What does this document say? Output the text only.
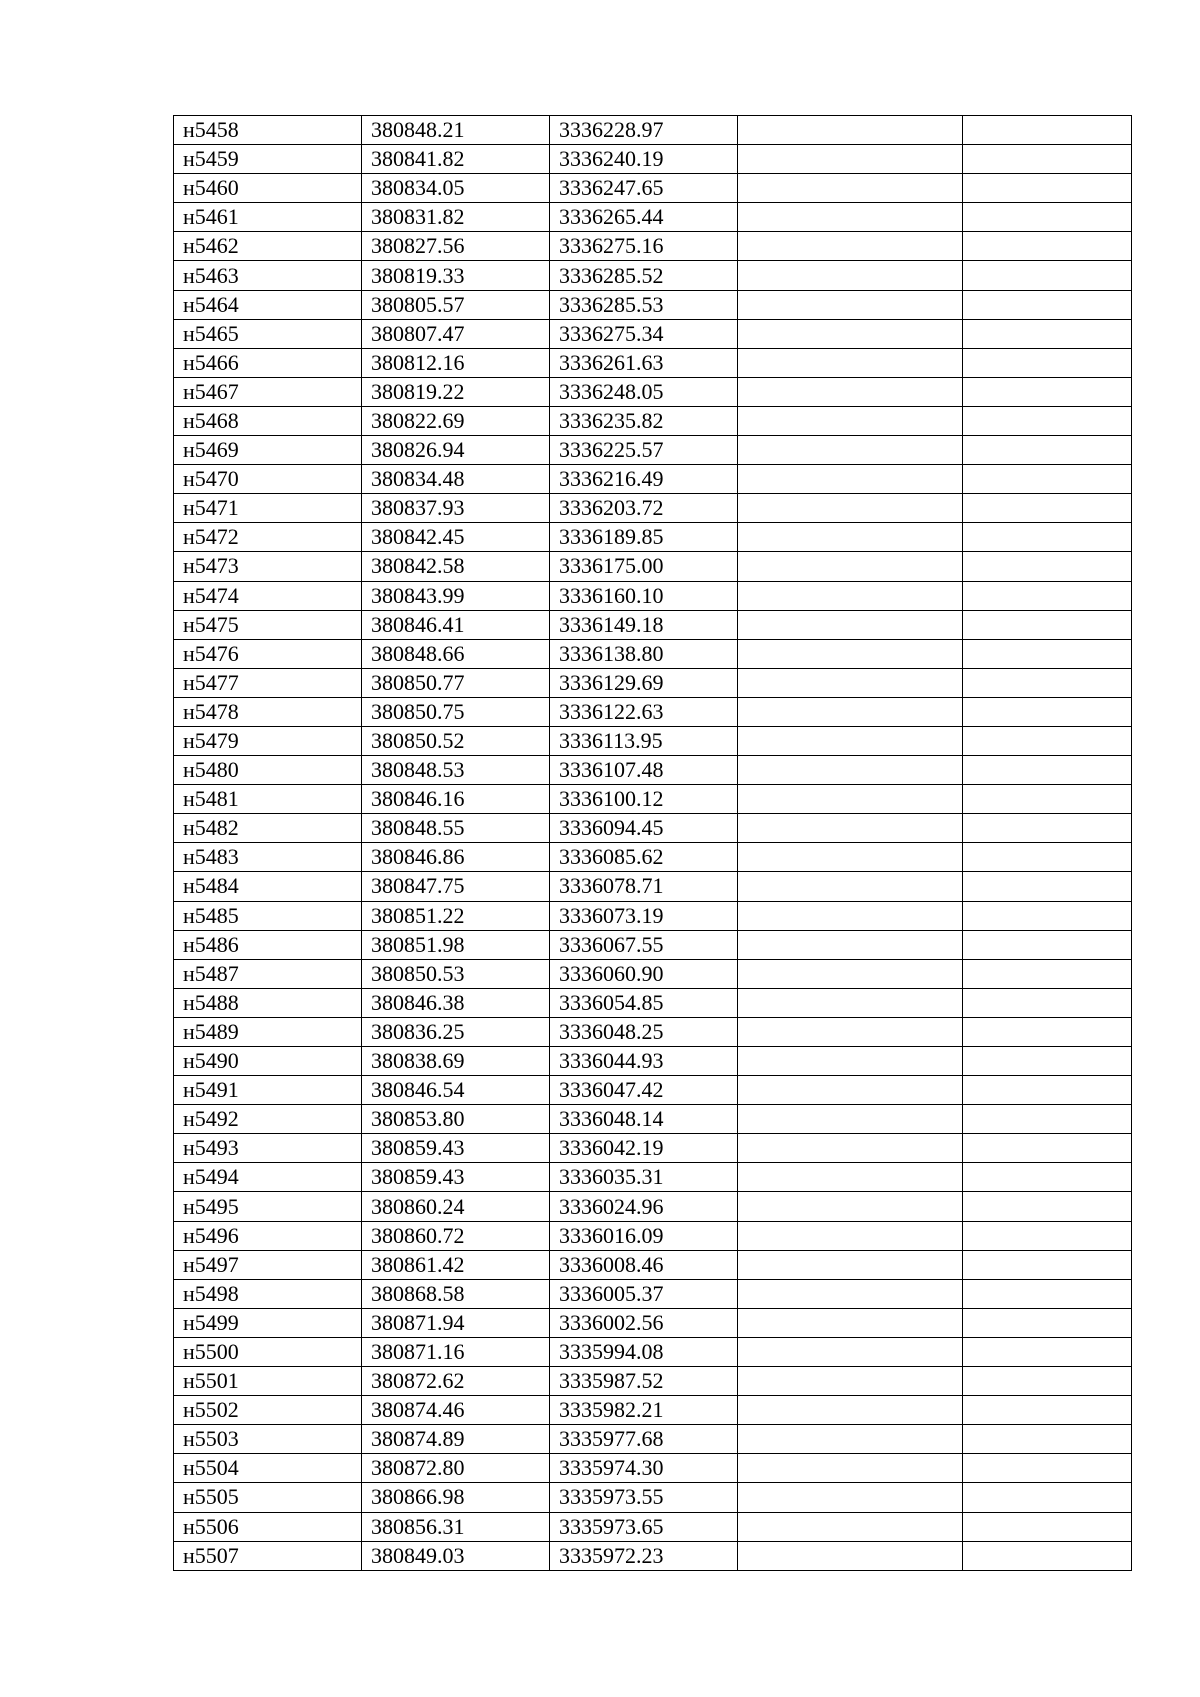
н5458	380848.21	3336228.97		
н5459	380841.82	3336240.19		
н5460	380834.05	3336247.65		
н5461	380831.82	3336265.44		
н5462	380827.56	3336275.16		
н5463	380819.33	3336285.52		
н5464	380805.57	3336285.53		
н5465	380807.47	3336275.34		
н5466	380812.16	3336261.63		
н5467	380819.22	3336248.05		
н5468	380822.69	3336235.82		
н5469	380826.94	3336225.57		
н5470	380834.48	3336216.49		
н5471	380837.93	3336203.72		
н5472	380842.45	3336189.85		
н5473	380842.58	3336175.00		
н5474	380843.99	3336160.10		
н5475	380846.41	3336149.18		
н5476	380848.66	3336138.80		
н5477	380850.77	3336129.69		
н5478	380850.75	3336122.63		
н5479	380850.52	3336113.95		
н5480	380848.53	3336107.48		
н5481	380846.16	3336100.12		
н5482	380848.55	3336094.45		
н5483	380846.86	3336085.62		
н5484	380847.75	3336078.71		
н5485	380851.22	3336073.19		
н5486	380851.98	3336067.55		
н5487	380850.53	3336060.90		
н5488	380846.38	3336054.85		
н5489	380836.25	3336048.25		
н5490	380838.69	3336044.93		
н5491	380846.54	3336047.42		
н5492	380853.80	3336048.14		
н5493	380859.43	3336042.19		
н5494	380859.43	3336035.31		
н5495	380860.24	3336024.96		
н5496	380860.72	3336016.09		
н5497	380861.42	3336008.46		
н5498	380868.58	3336005.37		
н5499	380871.94	3336002.56		
н5500	380871.16	3335994.08		
н5501	380872.62	3335987.52		
н5502	380874.46	3335982.21		
н5503	380874.89	3335977.68		
н5504	380872.80	3335974.30		
н5505	380866.98	3335973.55		
н5506	380856.31	3335973.65		
н5507	380849.03	3335972.23		
